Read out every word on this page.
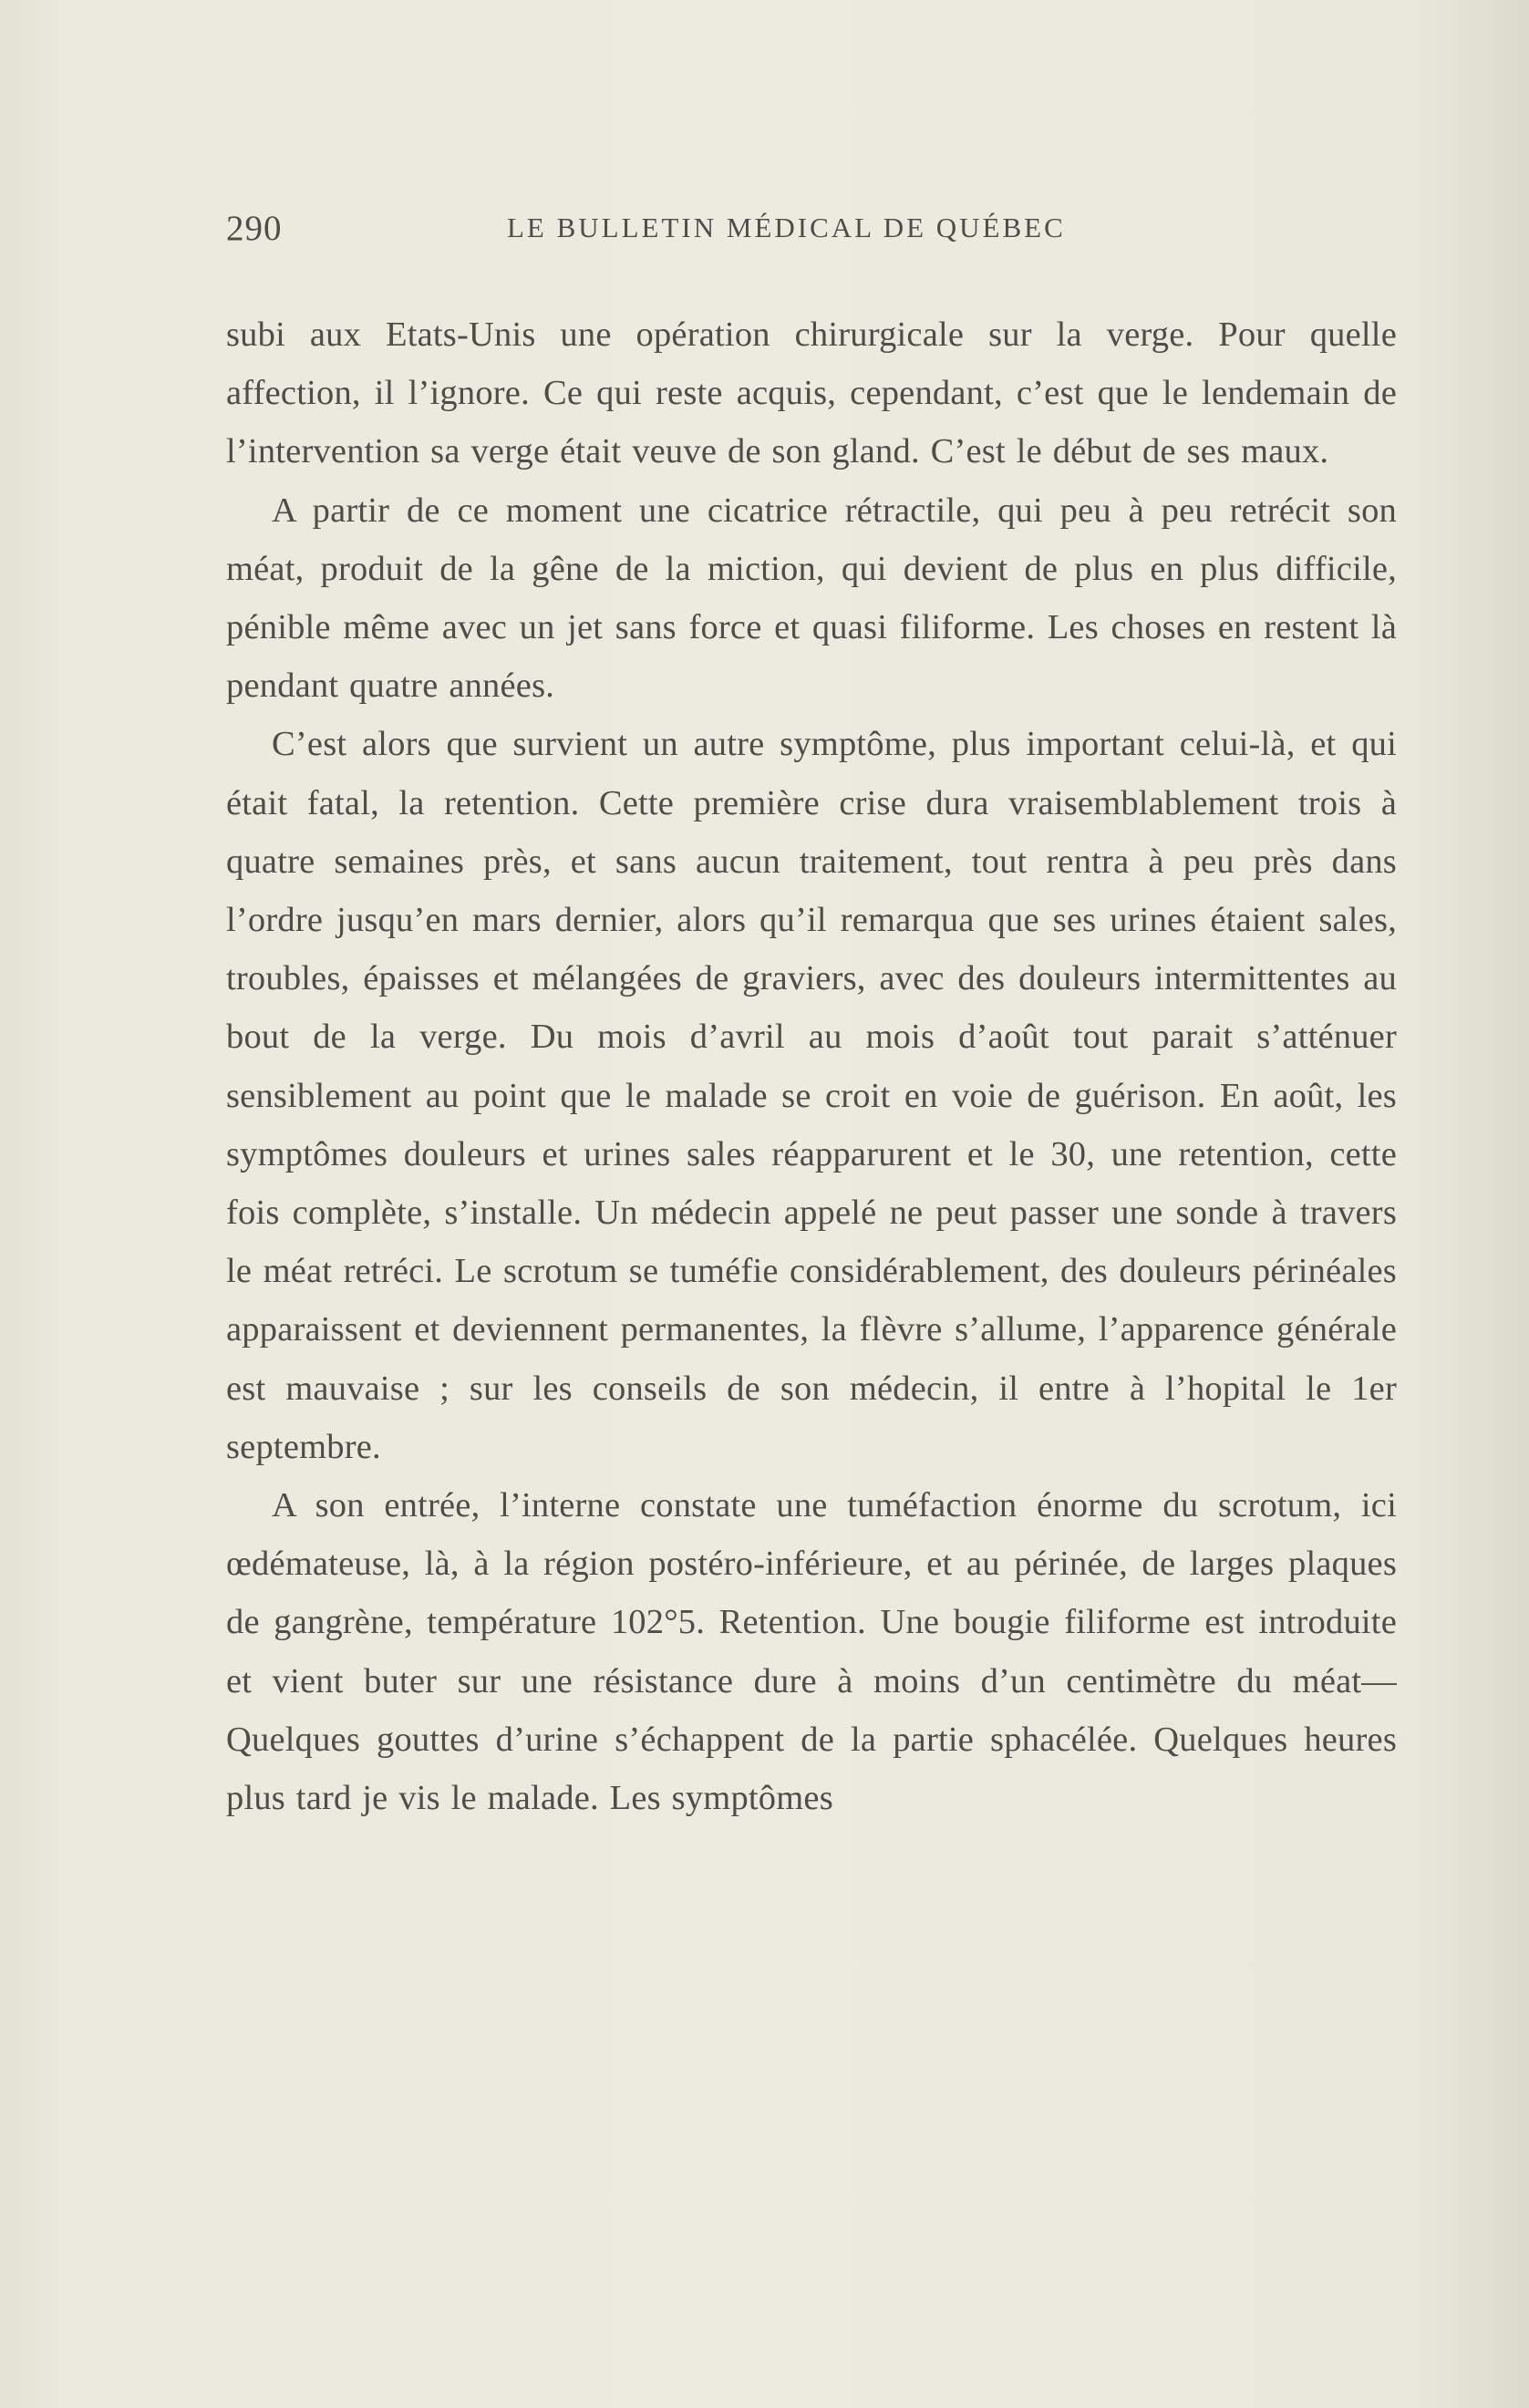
290	LE BULLETIN MÉDICAL DE QUÉBEC

subi aux Etats-Unis une opération chirurgicale sur la verge. Pour quelle affection, il l’ignore. Ce qui reste acquis, cependant, c’est que le lendemain de l’intervention sa verge était veuve de son gland. C’est le début de ses maux.

A partir de ce moment une cicatrice rétractile, qui peu à peu retrécit son méat, produit de la gêne de la miction, qui devient de plus en plus difficile, pénible même avec un jet sans force et quasi filiforme. Les choses en restent là pendant quatre années.

C’est alors que survient un autre symptôme, plus important celui-là, et qui était fatal, la retention. Cette première crise dura vraisemblablement trois à quatre semaines près, et sans aucun traitement, tout rentra à peu près dans l’ordre jusqu’en mars dernier, alors qu’il remarqua que ses urines étaient sales, troubles, épaisses et mélangées de graviers, avec des douleurs intermittentes au bout de la verge. Du mois d’avril au mois d’août tout parait s’atténuer sensiblement au point que le malade se croit en voie de guérison. En août, les symptômes douleurs et urines sales réapparurent et le 30, une retention, cette fois complète, s’installe. Un médecin appelé ne peut passer une sonde à travers le méat retréci. Le scrotum se tuméfie considérablement, des douleurs périnéales apparaissent et deviennent permanentes, la flèvre s’allume, l’apparence générale est mauvaise ; sur les conseils de son médecin, il entre à l’hopital le 1er septembre.

A son entrée, l’interne constate une tuméfaction énorme du scrotum, ici œdémateuse, là, à la région postéro-inférieure, et au périnée, de larges plaques de gangrène, température 102°5. Retention. Une bougie filiforme est introduite et vient buter sur une résistance dure à moins d’un centimètre du méat— Quelques gouttes d’urine s’échappent de la partie sphacélée. Quelques heures plus tard je vis le malade. Les symptômes
